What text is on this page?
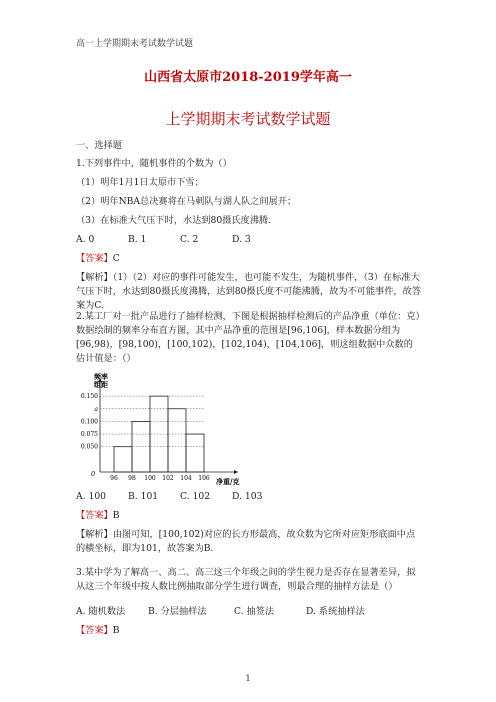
高一上学期期末考试数学试题
山西省太原市2018-2019学年高一
上学期期末考试数学试题
一、选择题
1.下列事件中，随机事件的个数为（）
（1）明年1月1日太原市下雪；
（2）明年NBA总决赛将在马刺队与湖人队之间展开；
（3）在标准大气压下时，水达到80摄氏度沸腾.
A. 0	B. 1	C. 2	D. 3
【答案】C
【解析】（1）（2）对应的事件可能发生，也可能不发生，为随机事件，（3）在标准大气压下时，水达到80摄氏度沸腾，达到80摄氏度不可能沸腾，故为不可能事件，故答案为C.
2.某工厂对一批产品进行了抽样检测，下图是根据抽样检测后的产品净重（单位：克）数据绘制的频率分布直方图，其中产品净重的范围是[96,106]，样本数据分组为[96,98)，[98,100)，[100,102)，[102,104)，[104,106]，则这组数据中众数的估计值是：（）
0.050
0.075
0.100
a
0.150
96 98 100 102 104 106
频率
组距
净重/克
0
A. 100 B. 101 C. 102 D. 103
【答案】B
【解析】由图可知，[100,102)对应的长方形最高，故众数为它所对应矩形底面中点的横坐标，即为101，故答案为B.
3.某中学为了解高一、高二、高三这三个年级之间的学生视力是否存在显著差异，拟从这三个年级中按人数比例抽取部分学生进行调查，则最合理的抽样方法是（）
A. 随机数法 B. 分层抽样法	C. 抽签法	D. 系统抽样法
【答案】B
1
